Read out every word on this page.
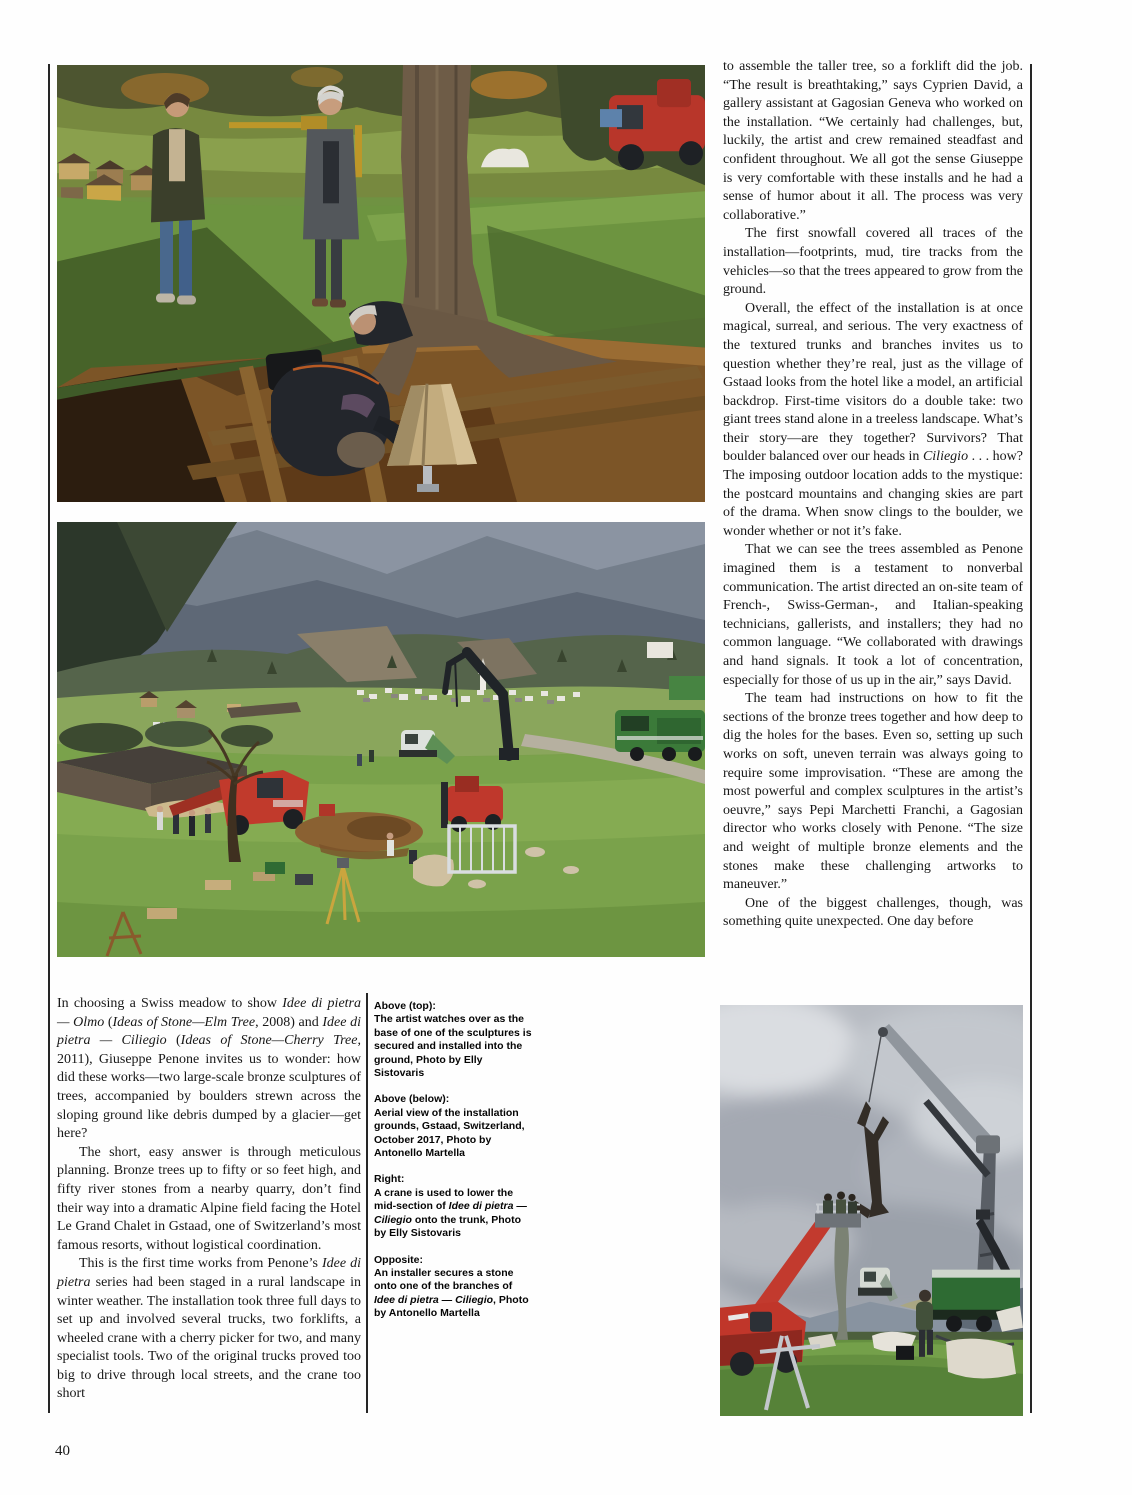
to assemble the taller tree, so a forklift did the job. “The result is breathtaking,” says Cyprien David, a gallery assistant at Gagosian Geneva who worked on the installation. “We certainly had challenges, but, luckily, the artist and crew remained steadfast and confident throughout. We all got the sense Giuseppe is very comfortable with these installs and he had a sense of humor about it all. The process was very collaborative.”

The first snowfall covered all traces of the installation—footprints, mud, tire tracks from the vehicles—so that the trees appeared to grow from the ground.

Overall, the effect of the installation is at once magical, surreal, and serious. The very exactness of the textured trunks and branches invites us to question whether they’re real, just as the village of Gstaad looks from the hotel like a model, an artificial backdrop. First-time visitors do a double take: two giant trees stand alone in a treeless landscape. What’s their story—are they together? Survivors? That boulder balanced over our heads in Ciliegio . . . how? The imposing outdoor location adds to the mystique: the postcard mountains and changing skies are part of the drama. When snow clings to the boulder, we wonder whether or not it’s fake.

That we can see the trees assembled as Penone imagined them is a testament to nonverbal communication. The artist directed an on-site team of French-, Swiss-German-, and Italian-speaking technicians, gallerists, and installers; they had no common language. “We collaborated with drawings and hand signals. It took a lot of concentration, especially for those of us up in the air,” says David.

The team had instructions on how to fit the sections of the bronze trees together and how deep to dig the holes for the bases. Even so, setting up such works on soft, uneven terrain was always going to require some improvisation. “These are among the most powerful and complex sculptures in the artist’s oeuvre,” says Pepi Marchetti Franchi, a Gagosian director who works closely with Penone. “The size and weight of multiple bronze elements and the stones make these challenging artworks to maneuver.”

One of the biggest challenges, though, was something quite unexpected. One day before

In choosing a Swiss meadow to show Idee di pietra — Olmo (Ideas of Stone—Elm Tree, 2008) and Idee di pietra — Ciliegio (Ideas of Stone—Cherry Tree, 2011), Giuseppe Penone invites us to wonder: how did these works—two large-scale bronze sculptures of trees, accompanied by boulders strewn across the sloping ground like debris dumped by a glacier—get here?

The short, easy answer is through meticulous planning. Bronze trees up to fifty or so feet high, and fifty river stones from a nearby quarry, don’t find their way into a dramatic Alpine field facing the Hotel Le Grand Chalet in Gstaad, one of Switzerland’s most famous resorts, without logistical coordination.

This is the first time works from Penone’s Idee di pietra series had been staged in a rural landscape in winter weather. The installation took three full days to set up and involved several trucks, two forklifts, a wheeled crane with a cherry picker for two, and many specialist tools. Two of the original trucks proved too big to drive through local streets, and the crane too short

Above (top):
The artist watches over as the base of one of the sculptures is secured and installed into the ground, Photo by Elly Sistovaris
Above (below):
Aerial view of the installation grounds, Gstaad, Switzerland, October 2017, Photo by Antonello Martella
Right:
A crane is used to lower the mid-section of Idee di pietra — Ciliegio onto the trunk, Photo by Elly Sistovaris
Opposite:
An installer secures a stone onto one of the branches of Idee di pietra — Ciliegio, Photo by Antonello Martella
40
